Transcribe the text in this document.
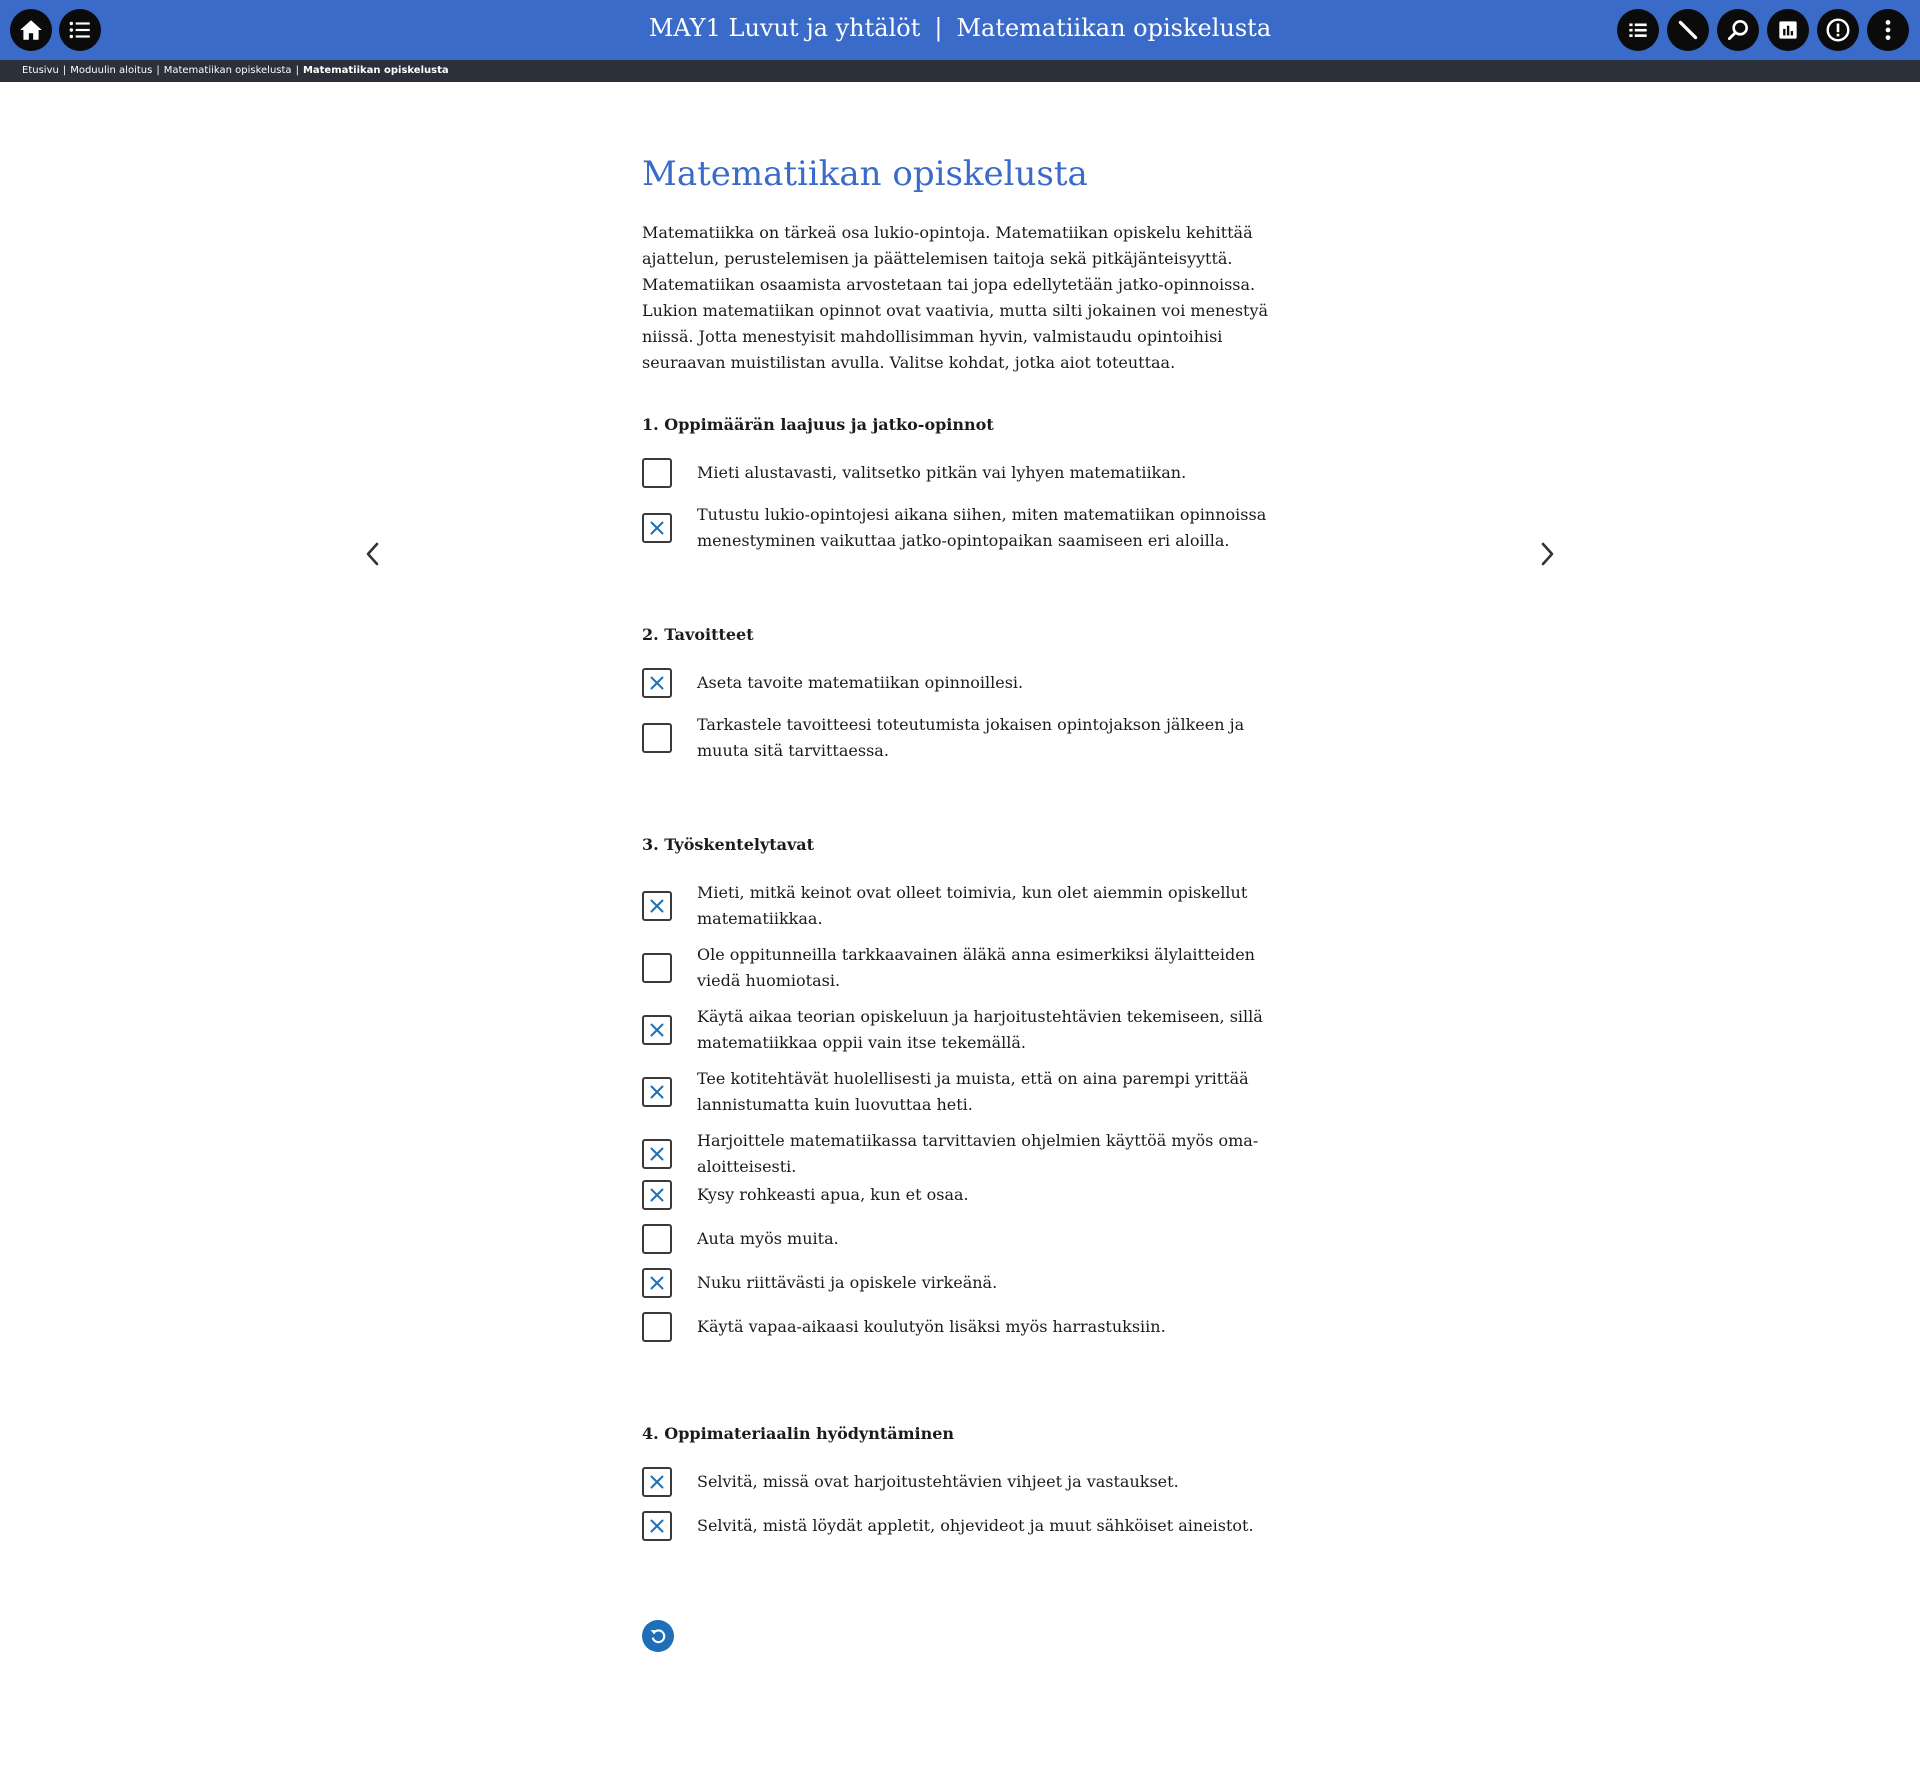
MAY1 Luvut ja yhtälöt | Matematiikan opiskelusta
Etusivu | Moduulin aloitus | Matematiikan opiskelusta | Matematiikan opiskelusta
Matematiikan opiskelusta
Matematiikka on tärkeä osa lukio-opintoja. Matematiikan opiskelu kehittää ajattelun, perustelemisen ja päättelemisen taitoja sekä pitkäjänteisyyttä. Matematiikan osaamista arvostetaan tai jopa edellytetään jatko-opinnoissa. Lukion matematiikan opinnot ovat vaativia, mutta silti jokainen voi menestyä niissä. Jotta menestyisit mahdollisimman hyvin, valmistaudu opintoihisi seuraavan muistilistan avulla. Valitse kohdat, jotka aiot toteuttaa.
1. Oppimäärän laajuus ja jatko-opinnot
Mieti alustavasti, valitsetko pitkän vai lyhyen matematiikan.
Tutustu lukio-opintojesi aikana siihen, miten matematiikan opinnoissa menestyminen vaikuttaa jatko-opintopaikan saamiseen eri aloilla.
2. Tavoitteet
Aseta tavoite matematiikan opinnoillesi.
Tarkastele tavoitteesi toteutumista jokaisen opintojakson jälkeen ja muuta sitä tarvittaessa.
3. Työskentelytavat
Mieti, mitkä keinot ovat olleet toimivia, kun olet aiemmin opiskellut matematiikkaa.
Ole oppitunneilla tarkkaavainen äläkä anna esimerkiksi älylaitteiden viedä huomiotasi.
Käytä aikaa teorian opiskeluun ja harjoitustehtävien tekemiseen, sillä matematiikkaa oppii vain itse tekemällä.
Tee kotitehtävät huolellisesti ja muista, että on aina parempi yrittää lannistumatta kuin luovuttaa heti.
Harjoittele matematiikassa tarvittavien ohjelmien käyttöä myös oma-aloitteisesti.
Kysy rohkeasti apua, kun et osaa.
Auta myös muita.
Nuku riittävästi ja opiskele virkeänä.
Käytä vapaa-aikaasi koulutyön lisäksi myös harrastuksiin.
4. Oppimateriaalin hyödyntäminen
Selvitä, missä ovat harjoitustehtävien vihjeet ja vastaukset.
Selvitä, mistä löydät appletit, ohjevideot ja muut sähköiset aineistot.
